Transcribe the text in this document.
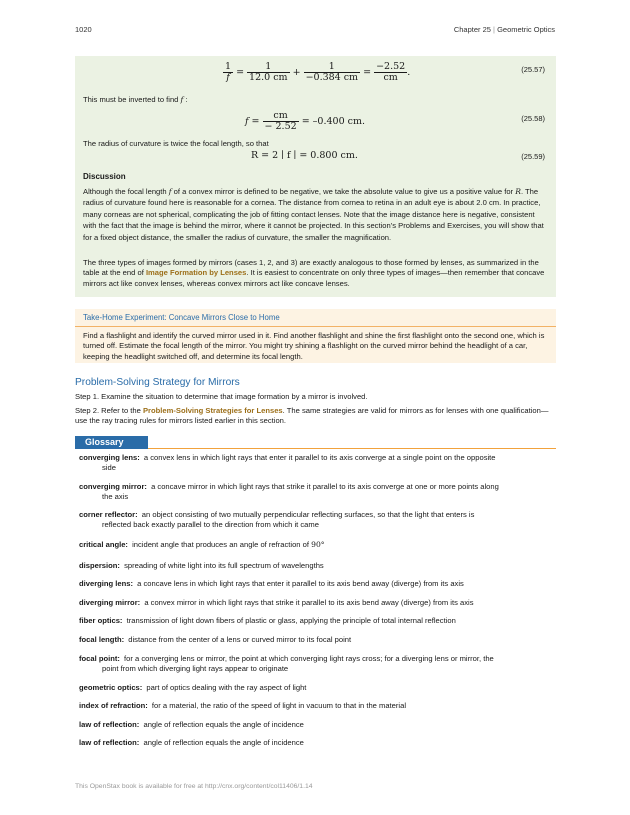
1020	Chapter 25 | Geometric Optics
$\frac{1}{f} = \frac{1}{12.0 cm} + \frac{1}{-0.384 cm} = \frac{-2.52}{cm}$ .	(25.57)
This must be inverted to find f :
$f = \frac{cm}{- 2.52} = -0.400$ cm.	(25.58)
The radius of curvature is twice the focal length, so that
R = 2 ∣ f ∣ = 0.800 cm.	(25.59)
Discussion
Although the focal length f of a convex mirror is defined to be negative, we take the absolute value to give us a positive value for R. The radius of curvature found here is reasonable for a cornea. The distance from cornea to retina in an adult eye is about 2.0 cm. In practice, many corneas are not spherical, complicating the job of fitting contact lenses. Note that the image distance here is negative, consistent with the fact that the image is behind the mirror, where it cannot be projected. In this section’s Problems and Exercises, you will show that for a fixed object distance, the smaller the radius of curvature, the smaller the magnification.
The three types of images formed by mirrors (cases 1, 2, and 3) are exactly analogous to those formed by lenses, as summarized in the table at the end of Image Formation by Lenses. It is easiest to concentrate on only three types of images—then remember that concave mirrors act like convex lenses, whereas convex mirrors act like concave lenses.
Take-Home Experiment: Concave Mirrors Close to Home
Find a flashlight and identify the curved mirror used in it. Find another flashlight and shine the first flashlight onto the second one, which is turned off. Estimate the focal length of the mirror. You might try shining a flashlight on the curved mirror behind the headlight of a car, keeping the headlight switched off, and determine its focal length.
Problem-Solving Strategy for Mirrors
Step 1. Examine the situation to determine that image formation by a mirror is involved.
Step 2. Refer to the Problem-Solving Strategies for Lenses. The same strategies are valid for mirrors as for lenses with one qualification—use the ray tracing rules for mirrors listed earlier in this section.
Glossary
converging lens: a convex lens in which light rays that enter it parallel to its axis converge at a single point on the opposite
side
converging mirror: a concave mirror in which light rays that strike it parallel to its axis converge at one or more points along
the axis
corner reflector: an object consisting of two mutually perpendicular reflecting surfaces, so that the light that enters is
reflected back exactly parallel to the direction from which it came
critical angle: incident angle that produces an angle of refraction of 90°
dispersion: spreading of white light into its full spectrum of wavelengths
diverging lens: a concave lens in which light rays that enter it parallel to its axis bend away (diverge) from its axis
diverging mirror: a convex mirror in which light rays that strike it parallel to its axis bend away (diverge) from its axis
fiber optics: transmission of light down fibers of plastic or glass, applying the principle of total internal reflection
focal length: distance from the center of a lens or curved mirror to its focal point
focal point: for a converging lens or mirror, the point at which converging light rays cross; for a diverging lens or mirror, the
point from which diverging light rays appear to originate
geometric optics: part of optics dealing with the ray aspect of light
index of refraction: for a material, the ratio of the speed of light in vacuum to that in the material
law of reflection: angle of reflection equals the angle of incidence
law of reflection: angle of reflection equals the angle of incidence
This OpenStax book is available for free at http://cnx.org/content/col11406/1.14
